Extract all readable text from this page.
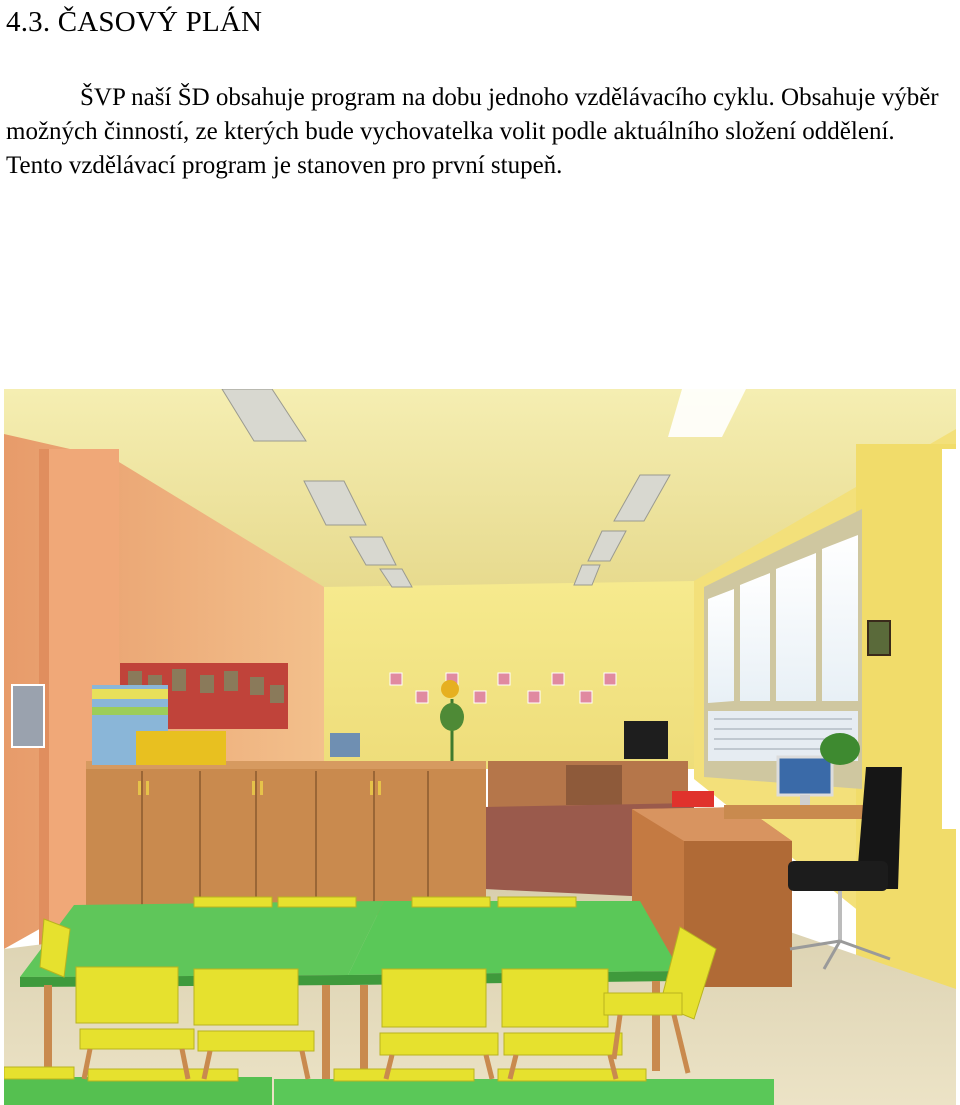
4.3. ČASOVÝ PLÁN

ŠVP naší ŠD obsahuje program na dobu jednoho vzdělávacího cyklu. Obsahuje výběr možných činností, ze kterých bude vychovatelka volit podle aktuálního složení oddělení. Tento vzdělávací program je stanoven pro první stupeň.
